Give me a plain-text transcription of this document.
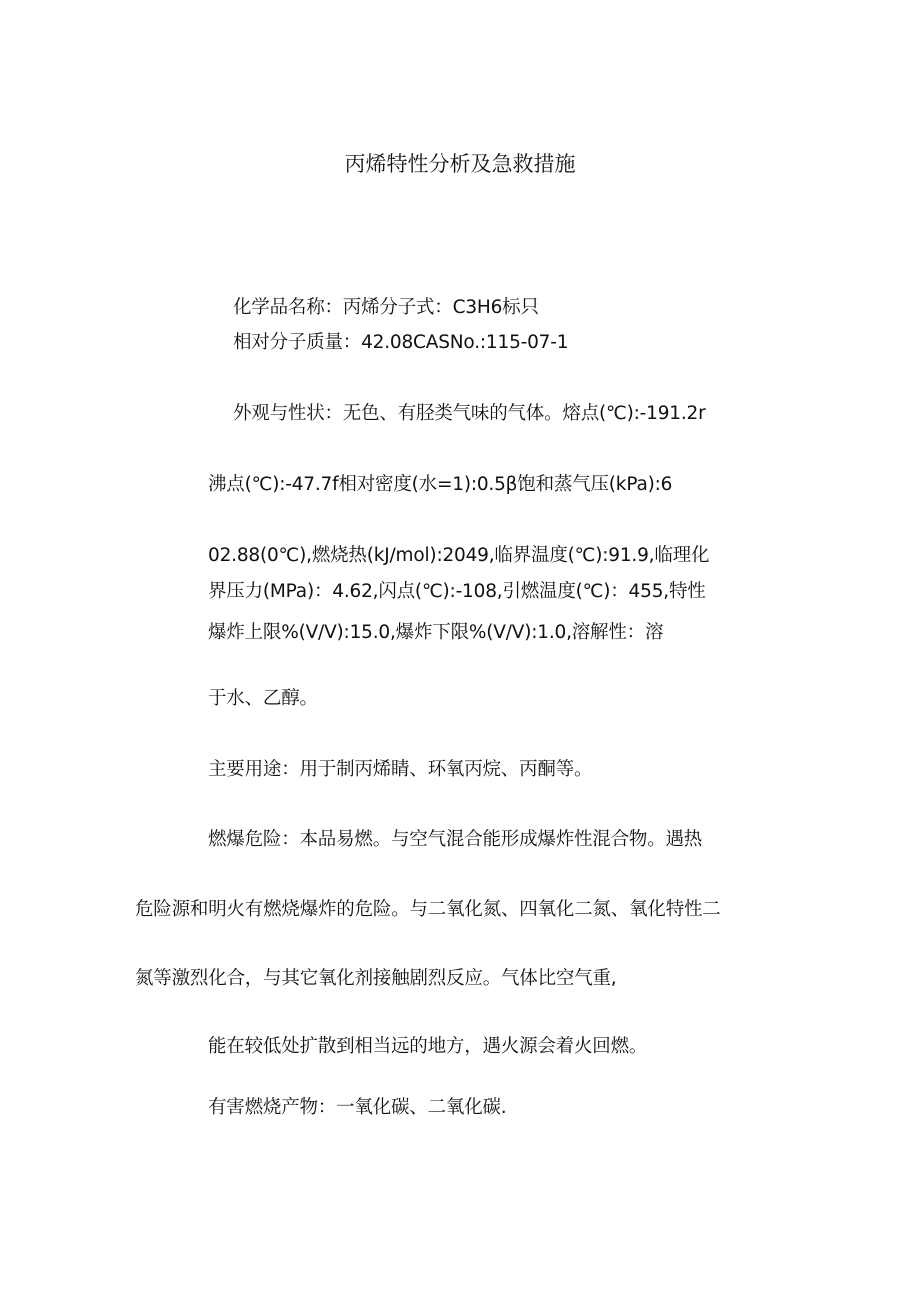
丙烯特性分析及急救措施
化学品名称：丙烯分子式：C3H6标只
相对分子质量：42.08CASNo.:115-07-1
外观与性状：无色、有胫类气味的气体。熔点(℃):-191.2r
沸点(℃):-47.7f相对密度(水=1):0.5β饱和蒸气压(kPa):6
02.88(0℃),燃烧热(kJ∕mol):2049,临界温度(℃):91.9,临理化
界压力(MPa)：4.62,闪点(℃):-108,引燃温度(℃)：455,特性
爆炸上限%(V/V):15.0,爆炸下限%(V/V):1.0,溶解性：溶
于水、乙醇。
主要用途：用于制丙烯睛、环氧丙烷、丙酮等。
燃爆危险：本品易燃。与空气混合能形成爆炸性混合物。遇热
危险源和明火有燃烧爆炸的危险。与二氧化氮、四氧化二氮、氧化特性二
氮等激烈化合，与其它氧化剂接触剧烈反应。气体比空气重,
能在较低处扩散到相当远的地方，遇火源会着火回燃。
有害燃烧产物：一氧化碳、二氧化碳.
